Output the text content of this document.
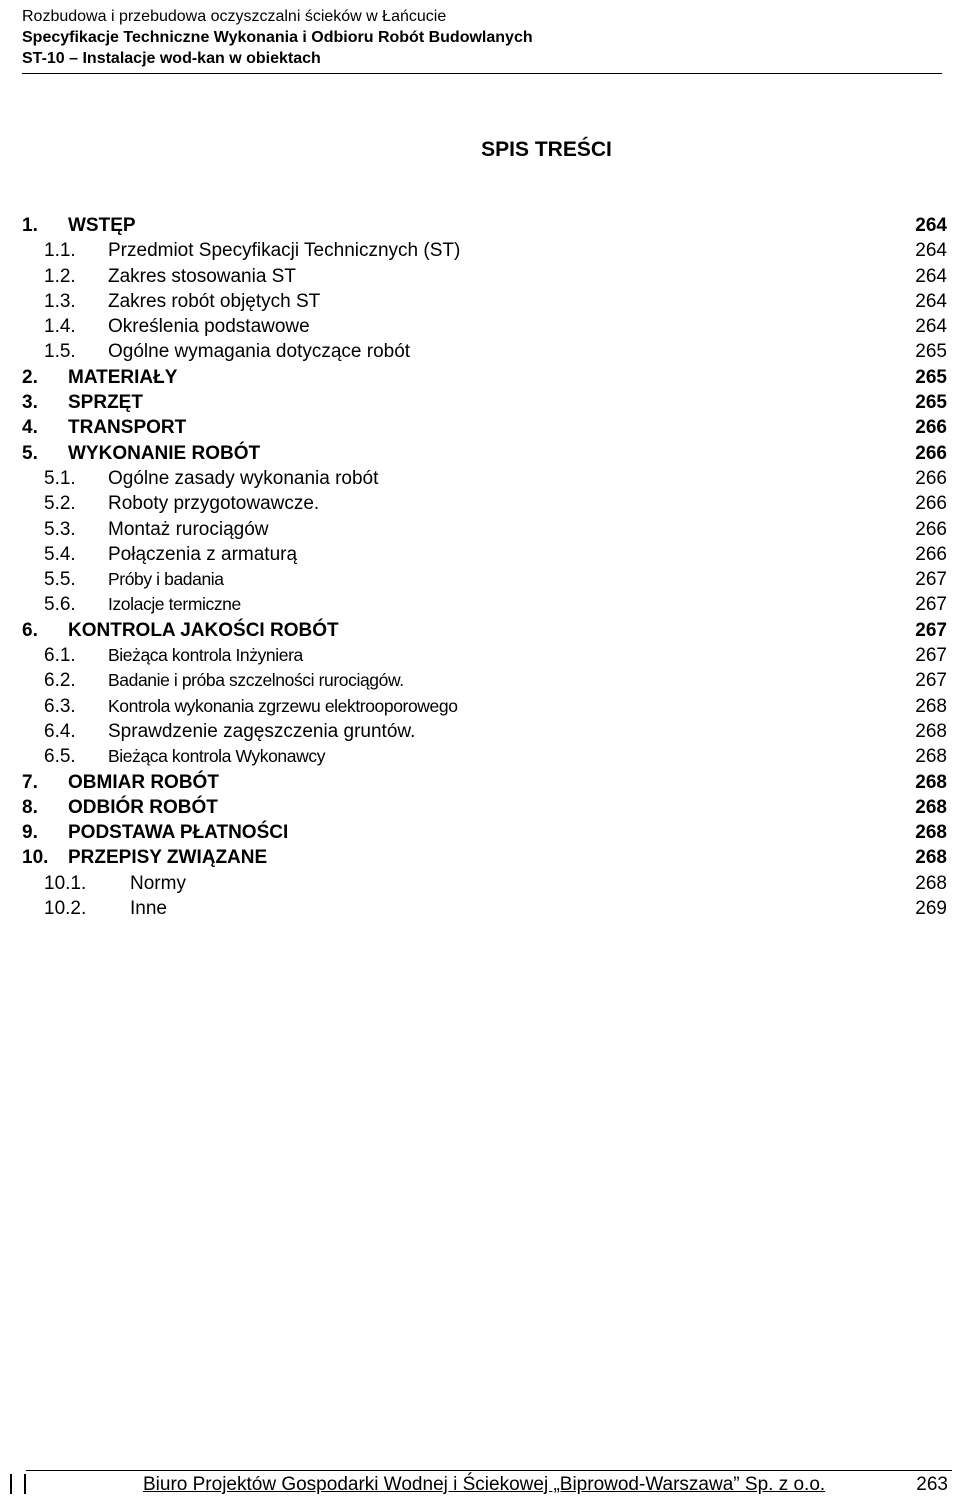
Rozbudowa i przebudowa oczyszczalni ścieków w Łańcucie
Specyfikacje Techniczne Wykonania i Odbioru Robót Budowlanych
ST-10 – Instalacje wod-kan w obiektach
SPIS TREŚCI
1. WSTĘP	264
1.1. Przedmiot Specyfikacji Technicznych (ST)	264
1.2. Zakres stosowania ST	264
1.3. Zakres robót objętych ST	264
1.4. Określenia podstawowe	264
1.5. Ogólne wymagania dotyczące robót	265
2. MATERIAŁY	265
3. SPRZĘT	265
4. TRANSPORT	266
5. WYKONANIE ROBÓT	266
5.1. Ogólne zasady wykonania robót	266
5.2. Roboty przygotowawcze.	266
5.3. Montaż rurociągów	266
5.4. Połączenia z armaturą	266
5.5. Próby i badania	267
5.6. Izolacje termiczne	267
6. KONTROLA JAKOŚCI ROBÓT	267
6.1. Bieżąca kontrola Inżyniera	267
6.2. Badanie i próba szczelności rurociągów.	267
6.3. Kontrola wykonania zgrzewu elektrooporowego	268
6.4. Sprawdzenie zagęszczenia gruntów.	268
6.5. Bieżąca kontrola Wykonawcy	268
7. OBMIAR ROBÓT	268
8. ODBIÓR ROBÓT	268
9. PODSTAWA PŁATNOŚCI	268
10. PRZEPISY ZWIĄZANE	268
10.1. Normy	268
10.2. Inne	269
Biuro Projektów Gospodarki Wodnej i Ściekowej „Biprowod-Warszawa” Sp. z o.o.	263
